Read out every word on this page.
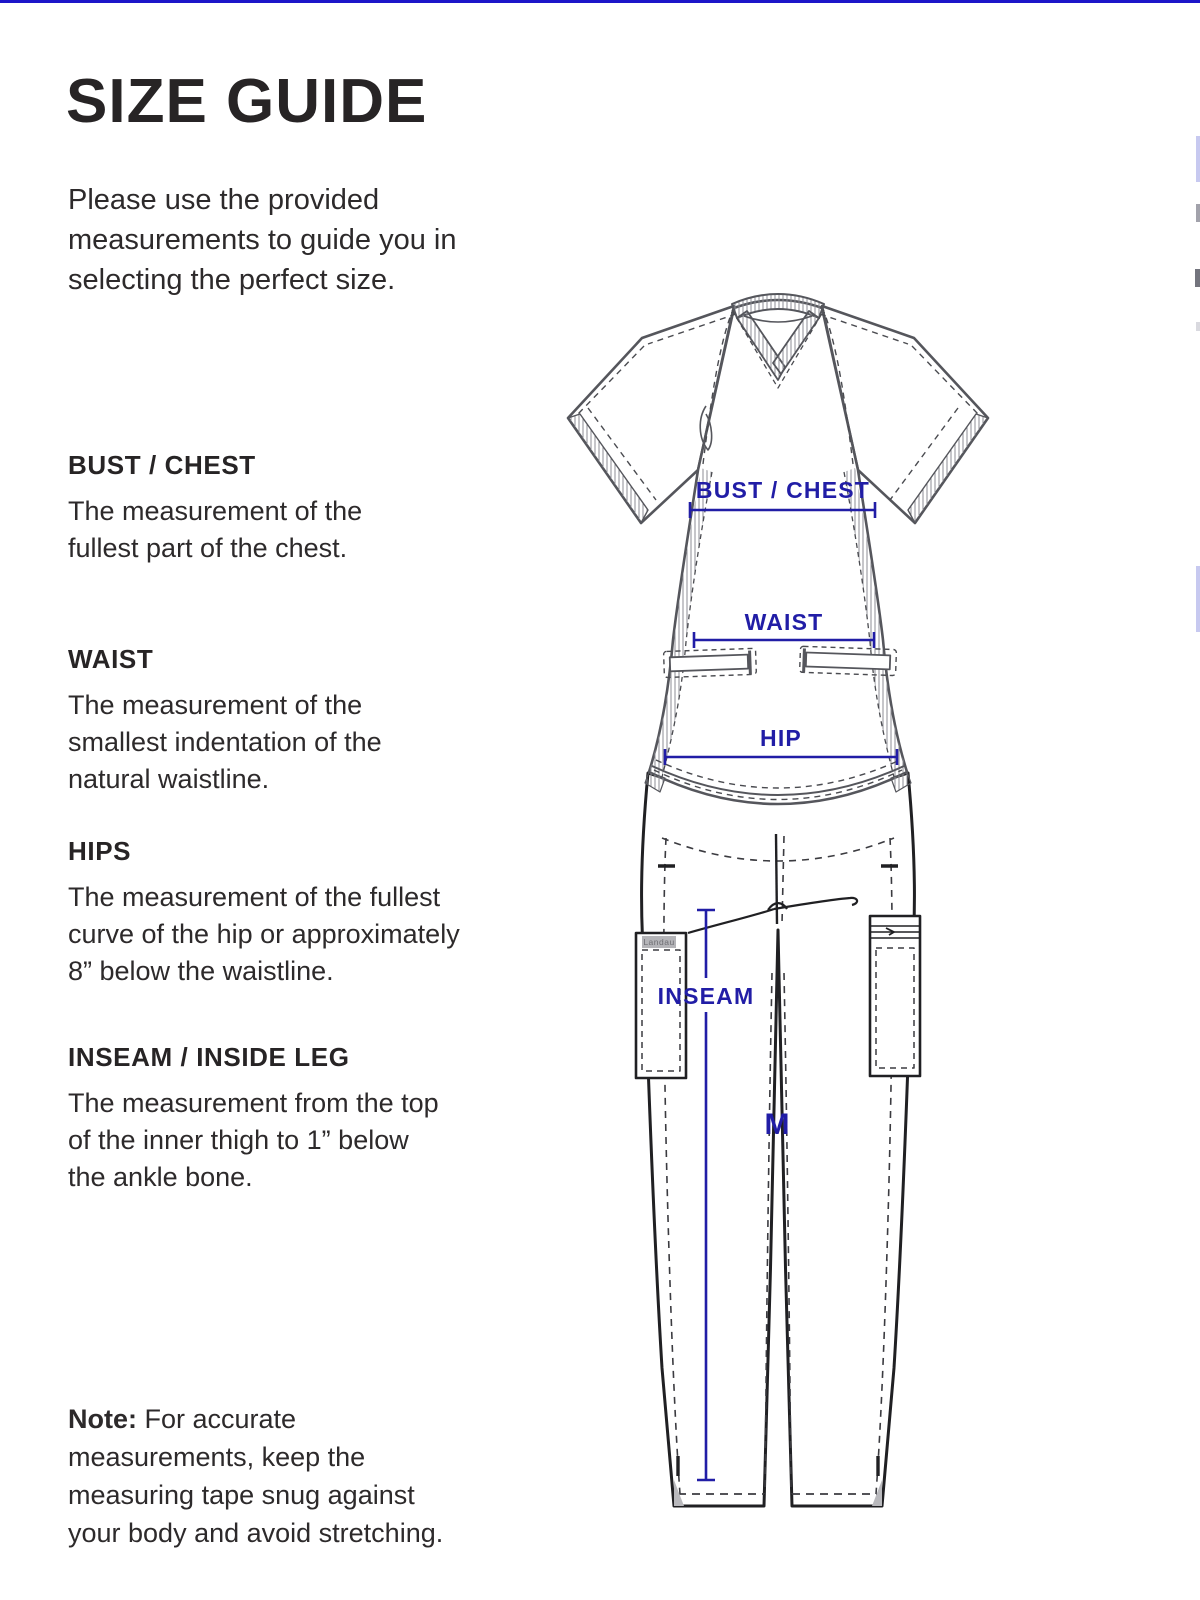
SIZE GUIDE

Please use the provided
measurements to guide you in
selecting the perfect size.

BUST / CHEST
The measurement of the
fullest part of the chest.
WAIST
The measurement of the
smallest indentation of the
natural waistline.
HIPS
The measurement of the fullest
curve of the hip or approximately
8” below the waistline.
INSEAM / INSIDE LEG
The measurement from the top
of the inner thigh to 1” below
the ankle bone.

Note: For accurate
measurements, keep the
measuring tape snug against
your body and avoid stretching.

Landau
BUST / CHEST
WAIST
HIP
INSEAM
M
